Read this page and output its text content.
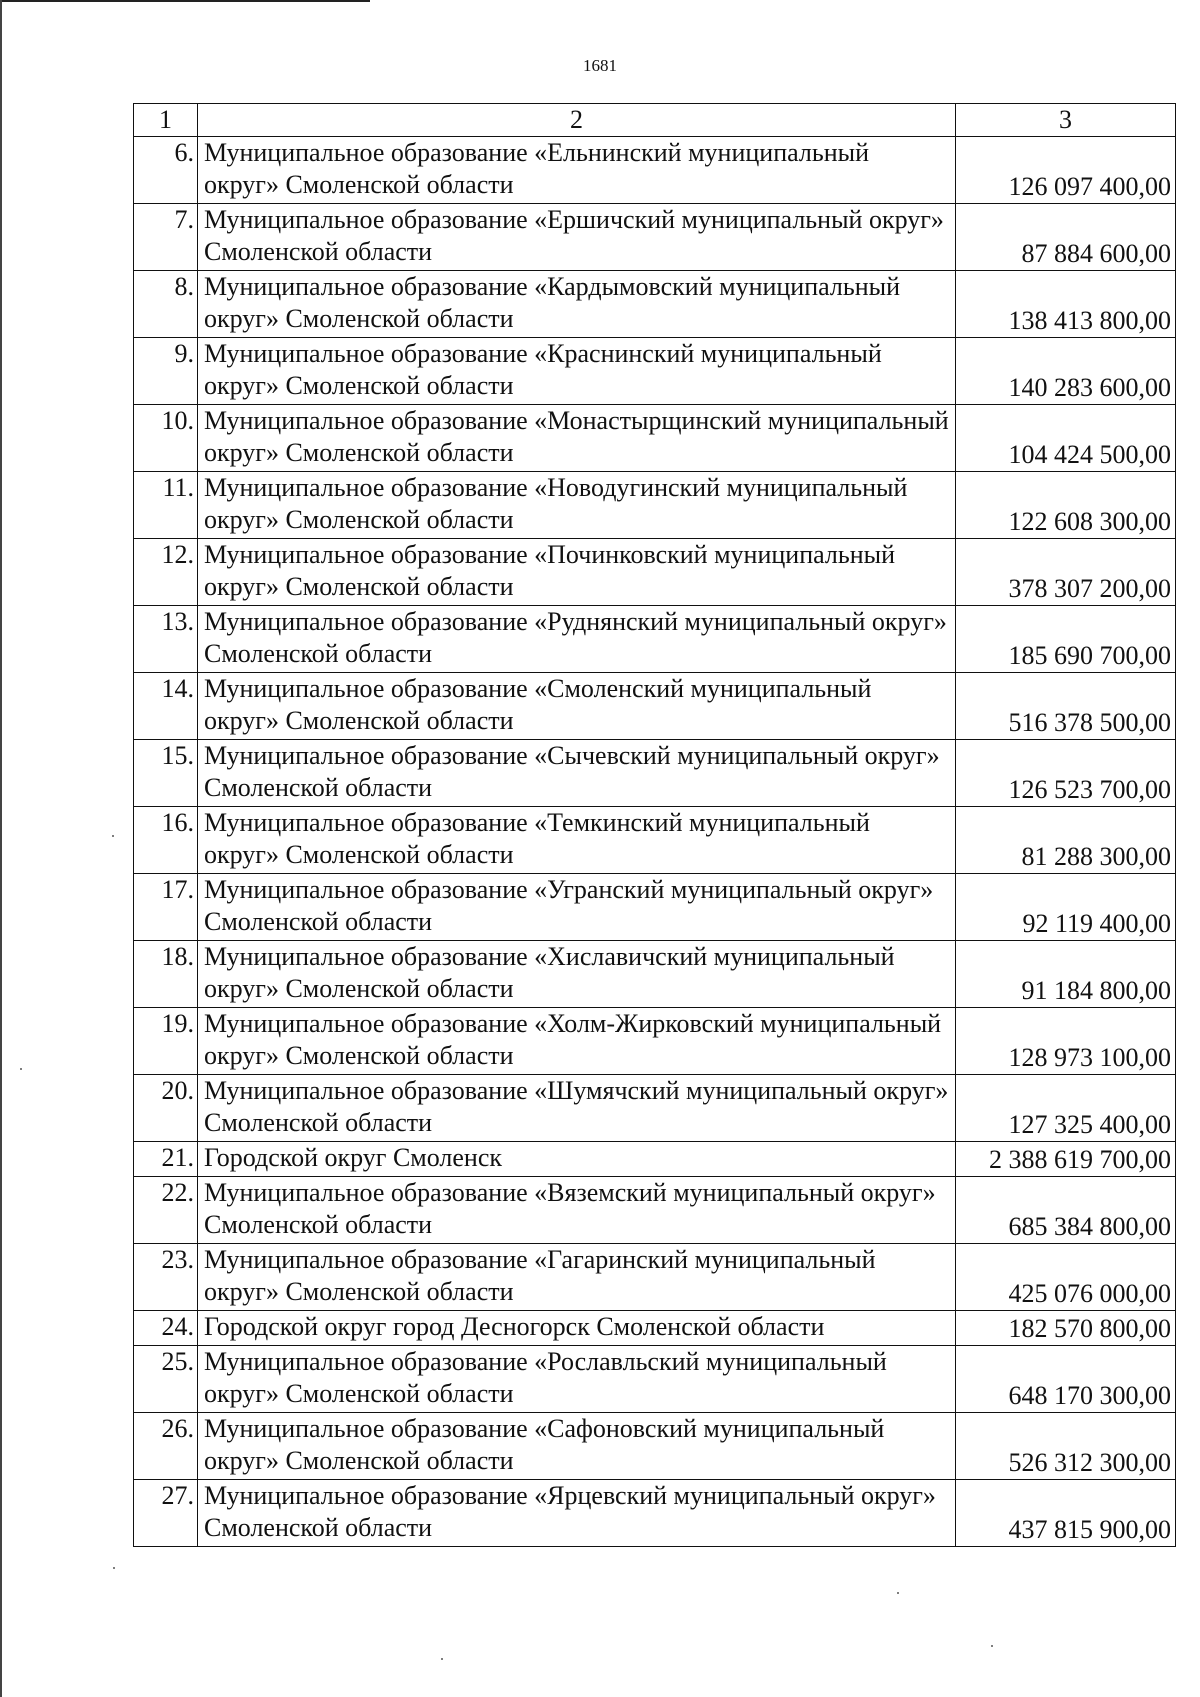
1681
1	2	3
6.	Муниципальное образование «Ельнинский муниципальный округ» Смоленской области	126 097 400,00
7.	Муниципальное образование «Ершичский муниципальный округ» Смоленской области	87 884 600,00
8.	Муниципальное образование «Кардымовский муниципальный округ» Смоленской области	138 413 800,00
9.	Муниципальное образование «Краснинский муниципальный округ» Смоленской области	140 283 600,00
10.	Муниципальное образование «Монастырщинский муниципальный округ» Смоленской области	104 424 500,00
11.	Муниципальное образование «Новодугинский муниципальный округ» Смоленской области	122 608 300,00
12.	Муниципальное образование «Починковский муниципальный округ» Смоленской области	378 307 200,00
13.	Муниципальное образование «Руднянский муниципальный округ» Смоленской области	185 690 700,00
14.	Муниципальное образование «Смоленский муниципальный округ» Смоленской области	516 378 500,00
15.	Муниципальное образование «Сычевский муниципальный округ» Смоленской области	126 523 700,00
16.	Муниципальное образование «Темкинский муниципальный округ» Смоленской области	81 288 300,00
17.	Муниципальное образование «Угранский муниципальный округ» Смоленской области	92 119 400,00
18.	Муниципальное образование «Хиславичский муниципальный округ» Смоленской области	91 184 800,00
19.	Муниципальное образование «Холм-Жирковский муниципальный округ» Смоленской области	128 973 100,00
20.	Муниципальное образование «Шумячский муниципальный округ» Смоленской области	127 325 400,00
21.	Городской округ Смоленск	2 388 619 700,00
22.	Муниципальное образование «Вяземский муниципальный округ» Смоленской области	685 384 800,00
23.	Муниципальное образование «Гагаринский муниципальный округ» Смоленской области	425 076 000,00
24.	Городской округ город Десногорск Смоленской области	182 570 800,00
25.	Муниципальное образование «Рославльский муниципальный округ» Смоленской области	648 170 300,00
26.	Муниципальное образование «Сафоновский муниципальный округ» Смоленской области	526 312 300,00
27.	Муниципальное образование «Ярцевский муниципальный округ» Смоленской области	437 815 900,00
